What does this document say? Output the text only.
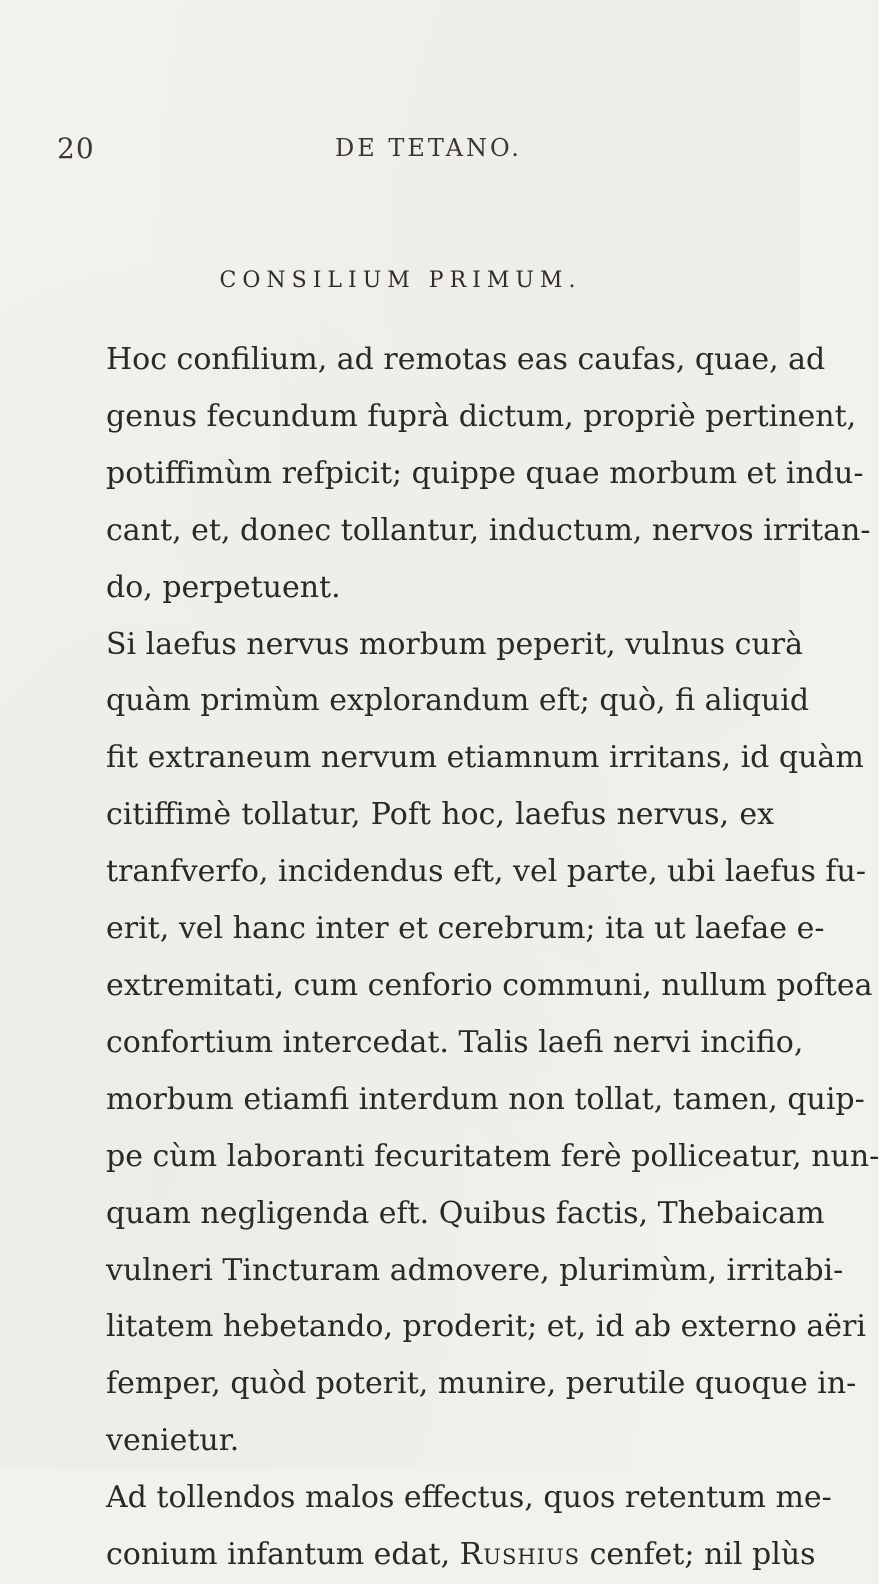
20	DE TETANO.
CONSILIUM PRIMUM.

Hoc confilium, ad remotas eas caufas, quae, ad
genus fecundum fuprà dictum, propriè pertinent,
potiffimùm refpicit; quippe quae morbum et indu-
cant, et, donec tollantur, inductum, nervos irritan-
do, perpetuent.

Si laefus nervus morbum peperit, vulnus curà
quàm primùm explorandum eft; quò, fi aliquid
fit extraneum nervum etiamnum irritans, id quàm
citiffimè tollatur, Poft hoc, laefus nervus, ex
tranfverfo, incidendus eft, vel parte, ubi laefus fu-
erit, vel hanc inter et cerebrum; ita ut laefae e-
extremitati, cum cenforio communi, nullum poftea
confortium intercedat. Talis laefi nervi incifio,
morbum etiamfi interdum non tollat, tamen, quip-
pe cùm laboranti fecuritatem ferè polliceatur, nun-
quam negligenda eft. Quibus factis, Thebaicam
vulneri Tincturam admovere, plurimùm, irritabi-
litatem hebetando, proderit; et, id ab externo aëri
femper, quòd poterit, munire, perutile quoque in-
venietur.

Ad tollendos malos effectus, quos retentum me-
conium infantum edat, Rushius cenfet; nil plùs
